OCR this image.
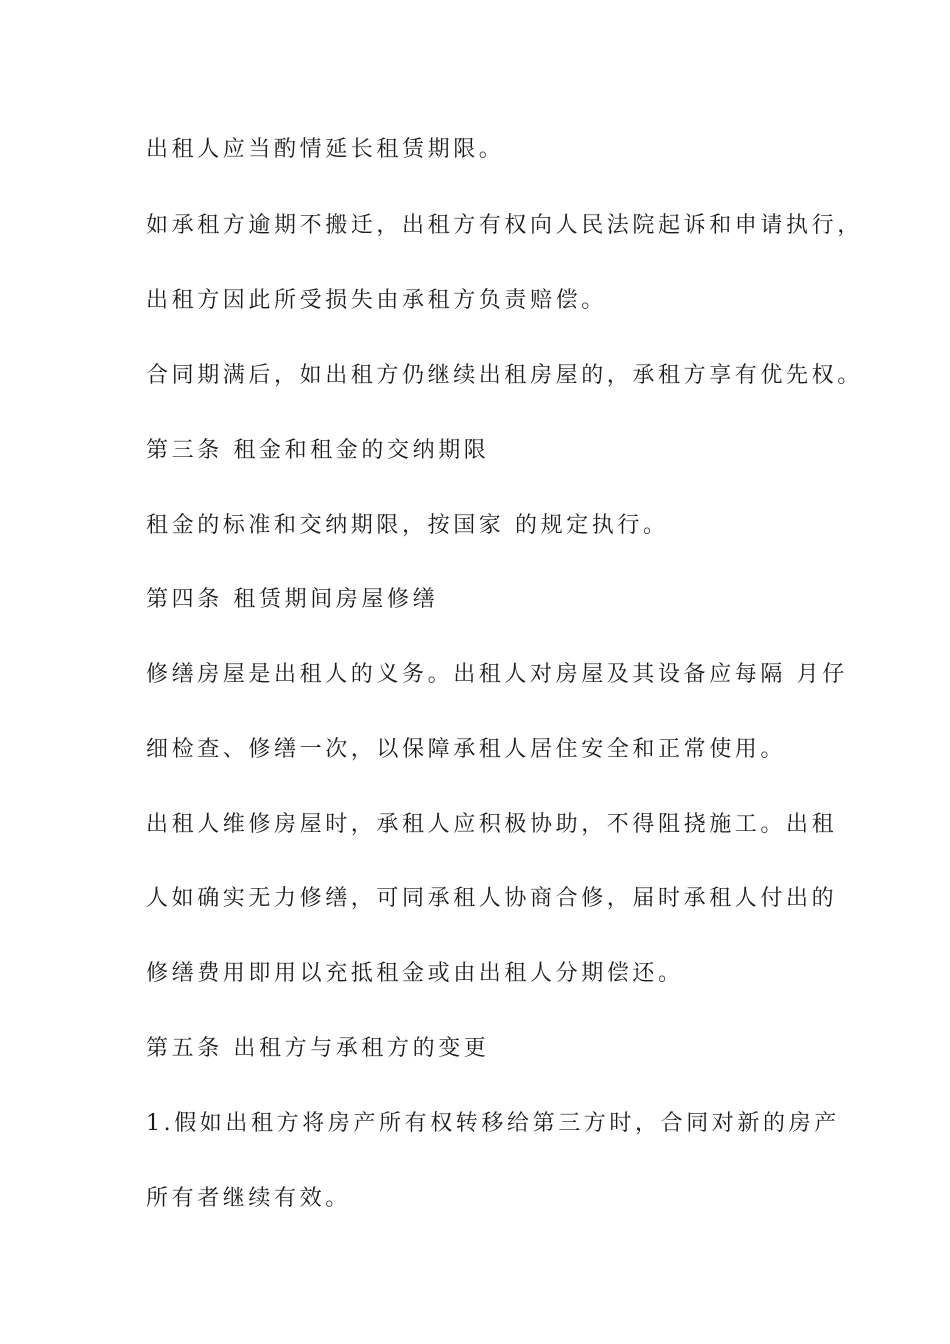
出租人应当酌情延长租赁期限。

如承租方逾期不搬迁，出租方有权向人民法院起诉和申请执行，

出租方因此所受损失由承租方负责赔偿。

合同期满后，如出租方仍继续出租房屋的，承租方享有优先权。

第三条 租金和租金的交纳期限

租金的标准和交纳期限，按国家 的规定执行。

第四条 租赁期间房屋修缮

修缮房屋是出租人的义务。出租人对房屋及其设备应每隔 月仔

细检查、修缮一次，以保障承租人居住安全和正常使用。

出租人维修房屋时，承租人应积极协助，不得阻挠施工。出租

人如确实无力修缮，可同承租人协商合修，届时承租人付出的

修缮费用即用以充抵租金或由出租人分期偿还。

第五条 出租方与承租方的变更

1.假如出租方将房产所有权转移给第三方时，合同对新的房产

所有者继续有效。
